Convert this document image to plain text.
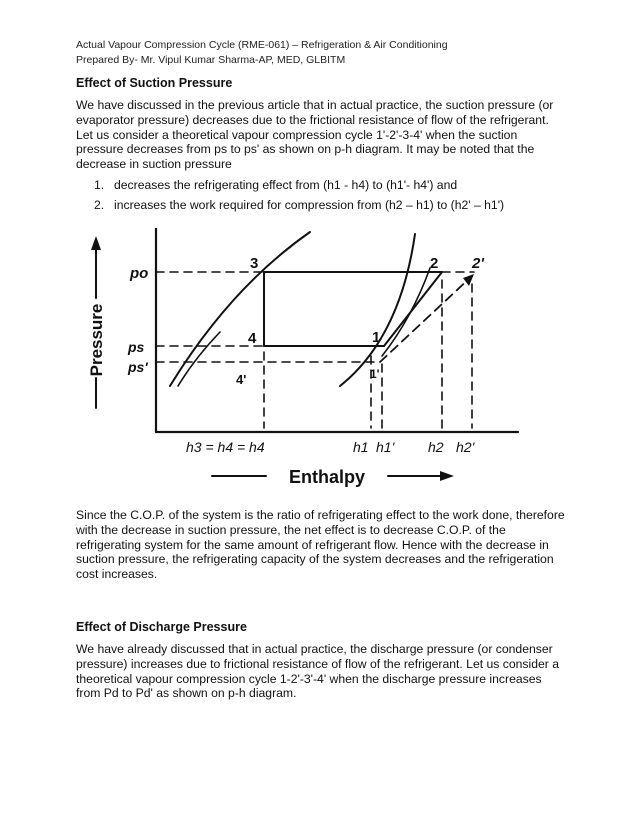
Actual Vapour Compression Cycle (RME-061) – Refrigeration & Air Conditioning
Prepared By- Mr. Vipul Kumar Sharma-AP, MED, GLBITM
Effect of Suction Pressure
We have discussed in the previous article that in actual practice, the suction pressure (or evaporator pressure) decreases due to the frictional resistance of flow of the refrigerant. Let us consider a theoretical vapour compression cycle 1'-2'-3-4' when the suction pressure decreases from ps to ps' as shown on p-h diagram. It may be noted that the decrease in suction pressure
1. decreases the refrigerating effect from (h1 - h4) to (h1'- h4') and
2. increases the work required for compression from (h2 – h1) to (h2' – h1')
Pressure
Enthalpy
po
ps
ps'
3	2 2'
4	1
4'	1'
h3 = h4 = h4	h1 h1' h2 h2'
Since the C.O.P. of the system is the ratio of refrigerating effect to the work done, therefore with the decrease in suction pressure, the net effect is to decrease C.O.P. of the refrigerating system for the same amount of refrigerant flow. Hence with the decrease in suction pressure, the refrigerating capacity of the system decreases and the refrigeration cost increases.
Effect of Discharge Pressure
We have already discussed that in actual practice, the discharge pressure (or condenser pressure) increases due to frictional resistance of flow of the refrigerant. Let us consider a theoretical vapour compression cycle 1-2'-3'-4' when the discharge pressure increases from Pd to Pd' as shown on p-h diagram.
